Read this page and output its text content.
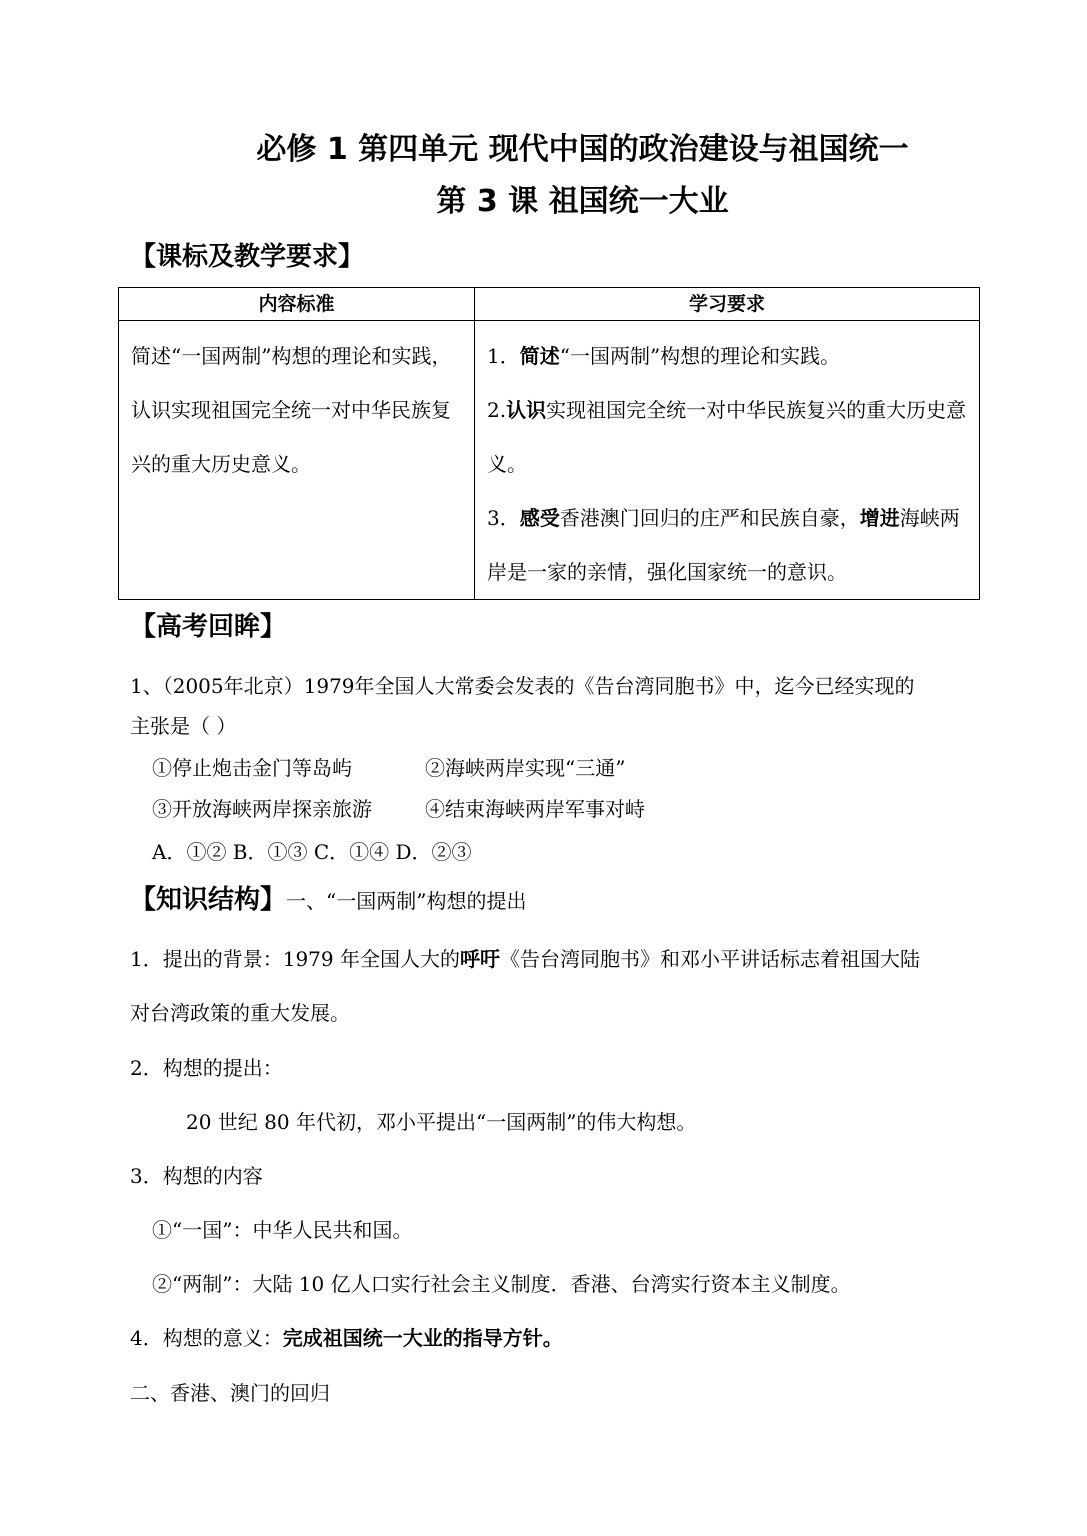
必修 1 第四单元 现代中国的政治建设与祖国统一
第 3 课 祖国统一大业
【课标及教学要求】
内容标准	学习要求
简述“一国两制”构想的理论和实践，认识实现祖国完全统一对中华民族复兴的重大历史意义。	1．简述“一国两制”构想的理论和实践。
2.认识实现祖国完全统一对中华民族复兴的重大历史意义。
3．感受香港澳门回归的庄严和民族自豪，增进海峡两岸是一家的亲情，强化国家统一的意识。
【高考回眸】
1、（2005年北京）1979年全国人大常委会发表的《告台湾同胞书》中，迄今已经实现的
主张是（ ）
①停止炮击金门等岛屿	②海峡两岸实现“三通”
③开放海峡两岸探亲旅游	④结束海峡两岸军事对峙
A．①② B．①③ C．①④ D．②③
【知识结构】一、“一国两制”构想的提出
1．提出的背景：1979 年全国人大的呼吁《告台湾同胞书》和邓小平讲话标志着祖国大陆
对台湾政策的重大发展。
2．构想的提出：
20 世纪 80 年代初，邓小平提出“一国两制”的伟大构想。
3．构想的内容
①“一国”：中华人民共和国。
②“两制”：大陆 10 亿人口实行社会主义制度．香港、台湾实行资本主义制度。
4．构想的意义：完成祖国统一大业的指导方针。
二、香港、澳门的回归
